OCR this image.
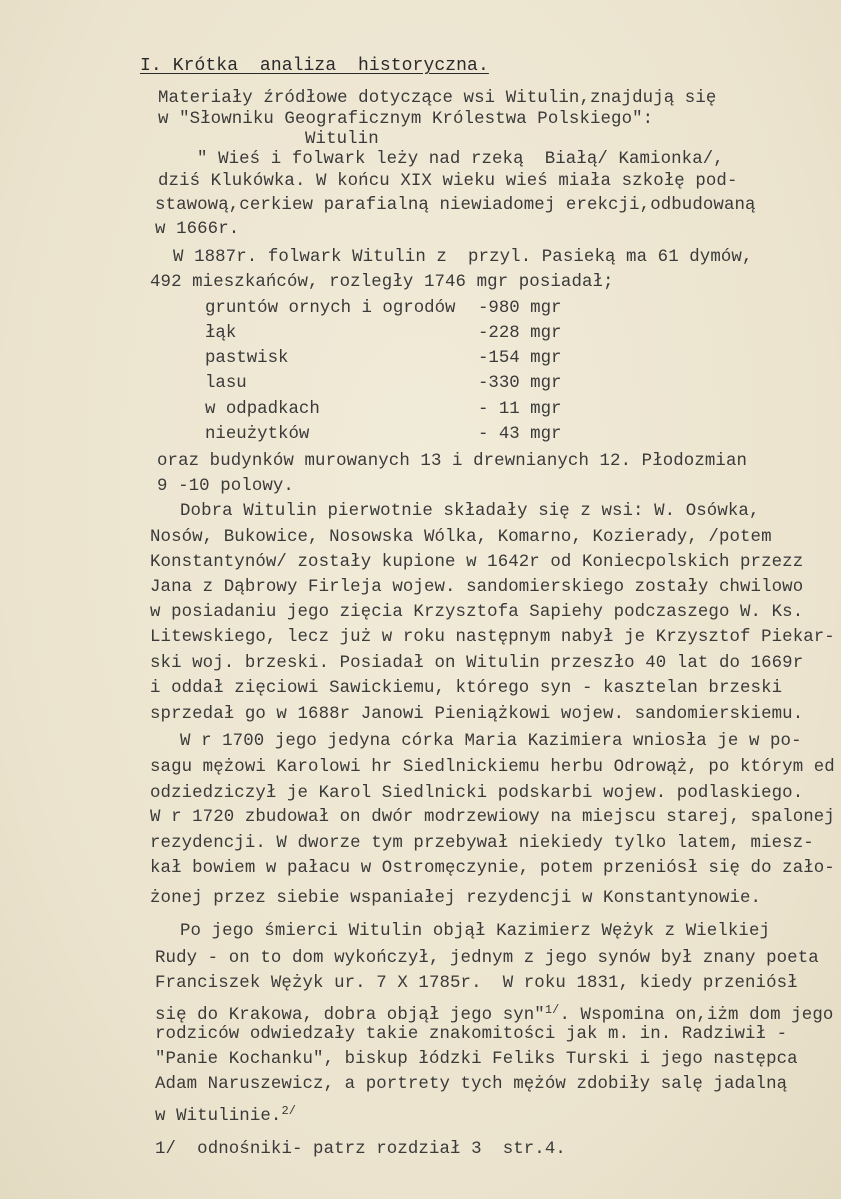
I. Krótka  analiza  historyczna.
Materiały źródłowe dotyczące wsi Witulin,znajdują się
w "Słowniku Geograficznym Królestwa Polskiego":
Witulin
" Wieś i folwark leży nad rzeką  Białą/ Kamionka/,
dziś Klukówka. W końcu XIX wieku wieś miała szkołę pod-
stawową,cerkiew parafialną niewiadomej erekcji,odbudowaną
w 1666r.
W 1887r. folwark Witulin z  przyl. Pasieką ma 61 dymów,
492 mieszkańców, rozległy 1746 mgr posiadał;
gruntów ornych i ogrodów -980 mgr
łąk	-228 mgr
pastwisk	-154 mgr
lasu	-330 mgr
w odpadkach	- 11 mgr
nieużytków	- 43 mgr
oraz budynków murowanych 13 i drewnianych 12. Płodozmian
9 -10 polowy.
Dobra Witulin pierwotnie składały się z wsi: W. Osówka,
Nosów, Bukowice, Nosowska Wólka, Komarno, Kozierady, /potem
Konstantynów/ zostały kupione w 1642r od Koniecpolskich przezz
Jana z Dąbrowy Firleja wojew. sandomierskiego zostały chwilowo
w posiadaniu jego zięcia Krzysztofa Sapiehy podczaszego W. Ks.
Litewskiego, lecz już w roku następnym nabył je Krzysztof Piekar-
ski woj. brzeski. Posiadał on Witulin przeszło 40 lat do 1669r
i oddał zięciowi Sawickiemu, którego syn - kasztelan brzeski
sprzedał go w 1688r Janowi Pieniążkowi wojew. sandomierskiemu.
W r 1700 jego jedyna córka Maria Kazimiera wniosła je w po-
sagu mężowi Karolowi hr Siedlnickiemu herbu Odrowąż, po którym ed
odziedziczył je Karol Siedlnicki podskarbi wojew. podlaskiego.
W r 1720 zbudował on dwór modrzewiowy na miejscu starej, spalonej
rezydencji. W dworze tym przebywał niekiedy tylko latem, miesz-
kał bowiem w pałacu w Ostromęczynie, potem przeniósł się do zało-
żonej przez siebie wspaniałej rezydencji w Konstantynowie.
Po jego śmierci Witulin objął Kazimierz Wężyk z Wielkiej
Rudy - on to dom wykończył, jednym z jego synów był znany poeta
Franciszek Wężyk ur. 7 X 1785r.  W roku 1831, kiedy przeniósł
się do Krakowa, dobra objął jego syn"$^{1/}$. Wspomina on,iżm dom jego
rodziców odwiedzały takie znakomitości jak m. in. Radziwił -
"Panie Kochanku", biskup łódzki Feliks Turski i jego następca
Adam Naruszewicz, a portrety tych mężów zdobiły salę jadalną
w Witulinie.$^{2/}$
1/ odnośniki- patrz rozdział 3  str.4.
